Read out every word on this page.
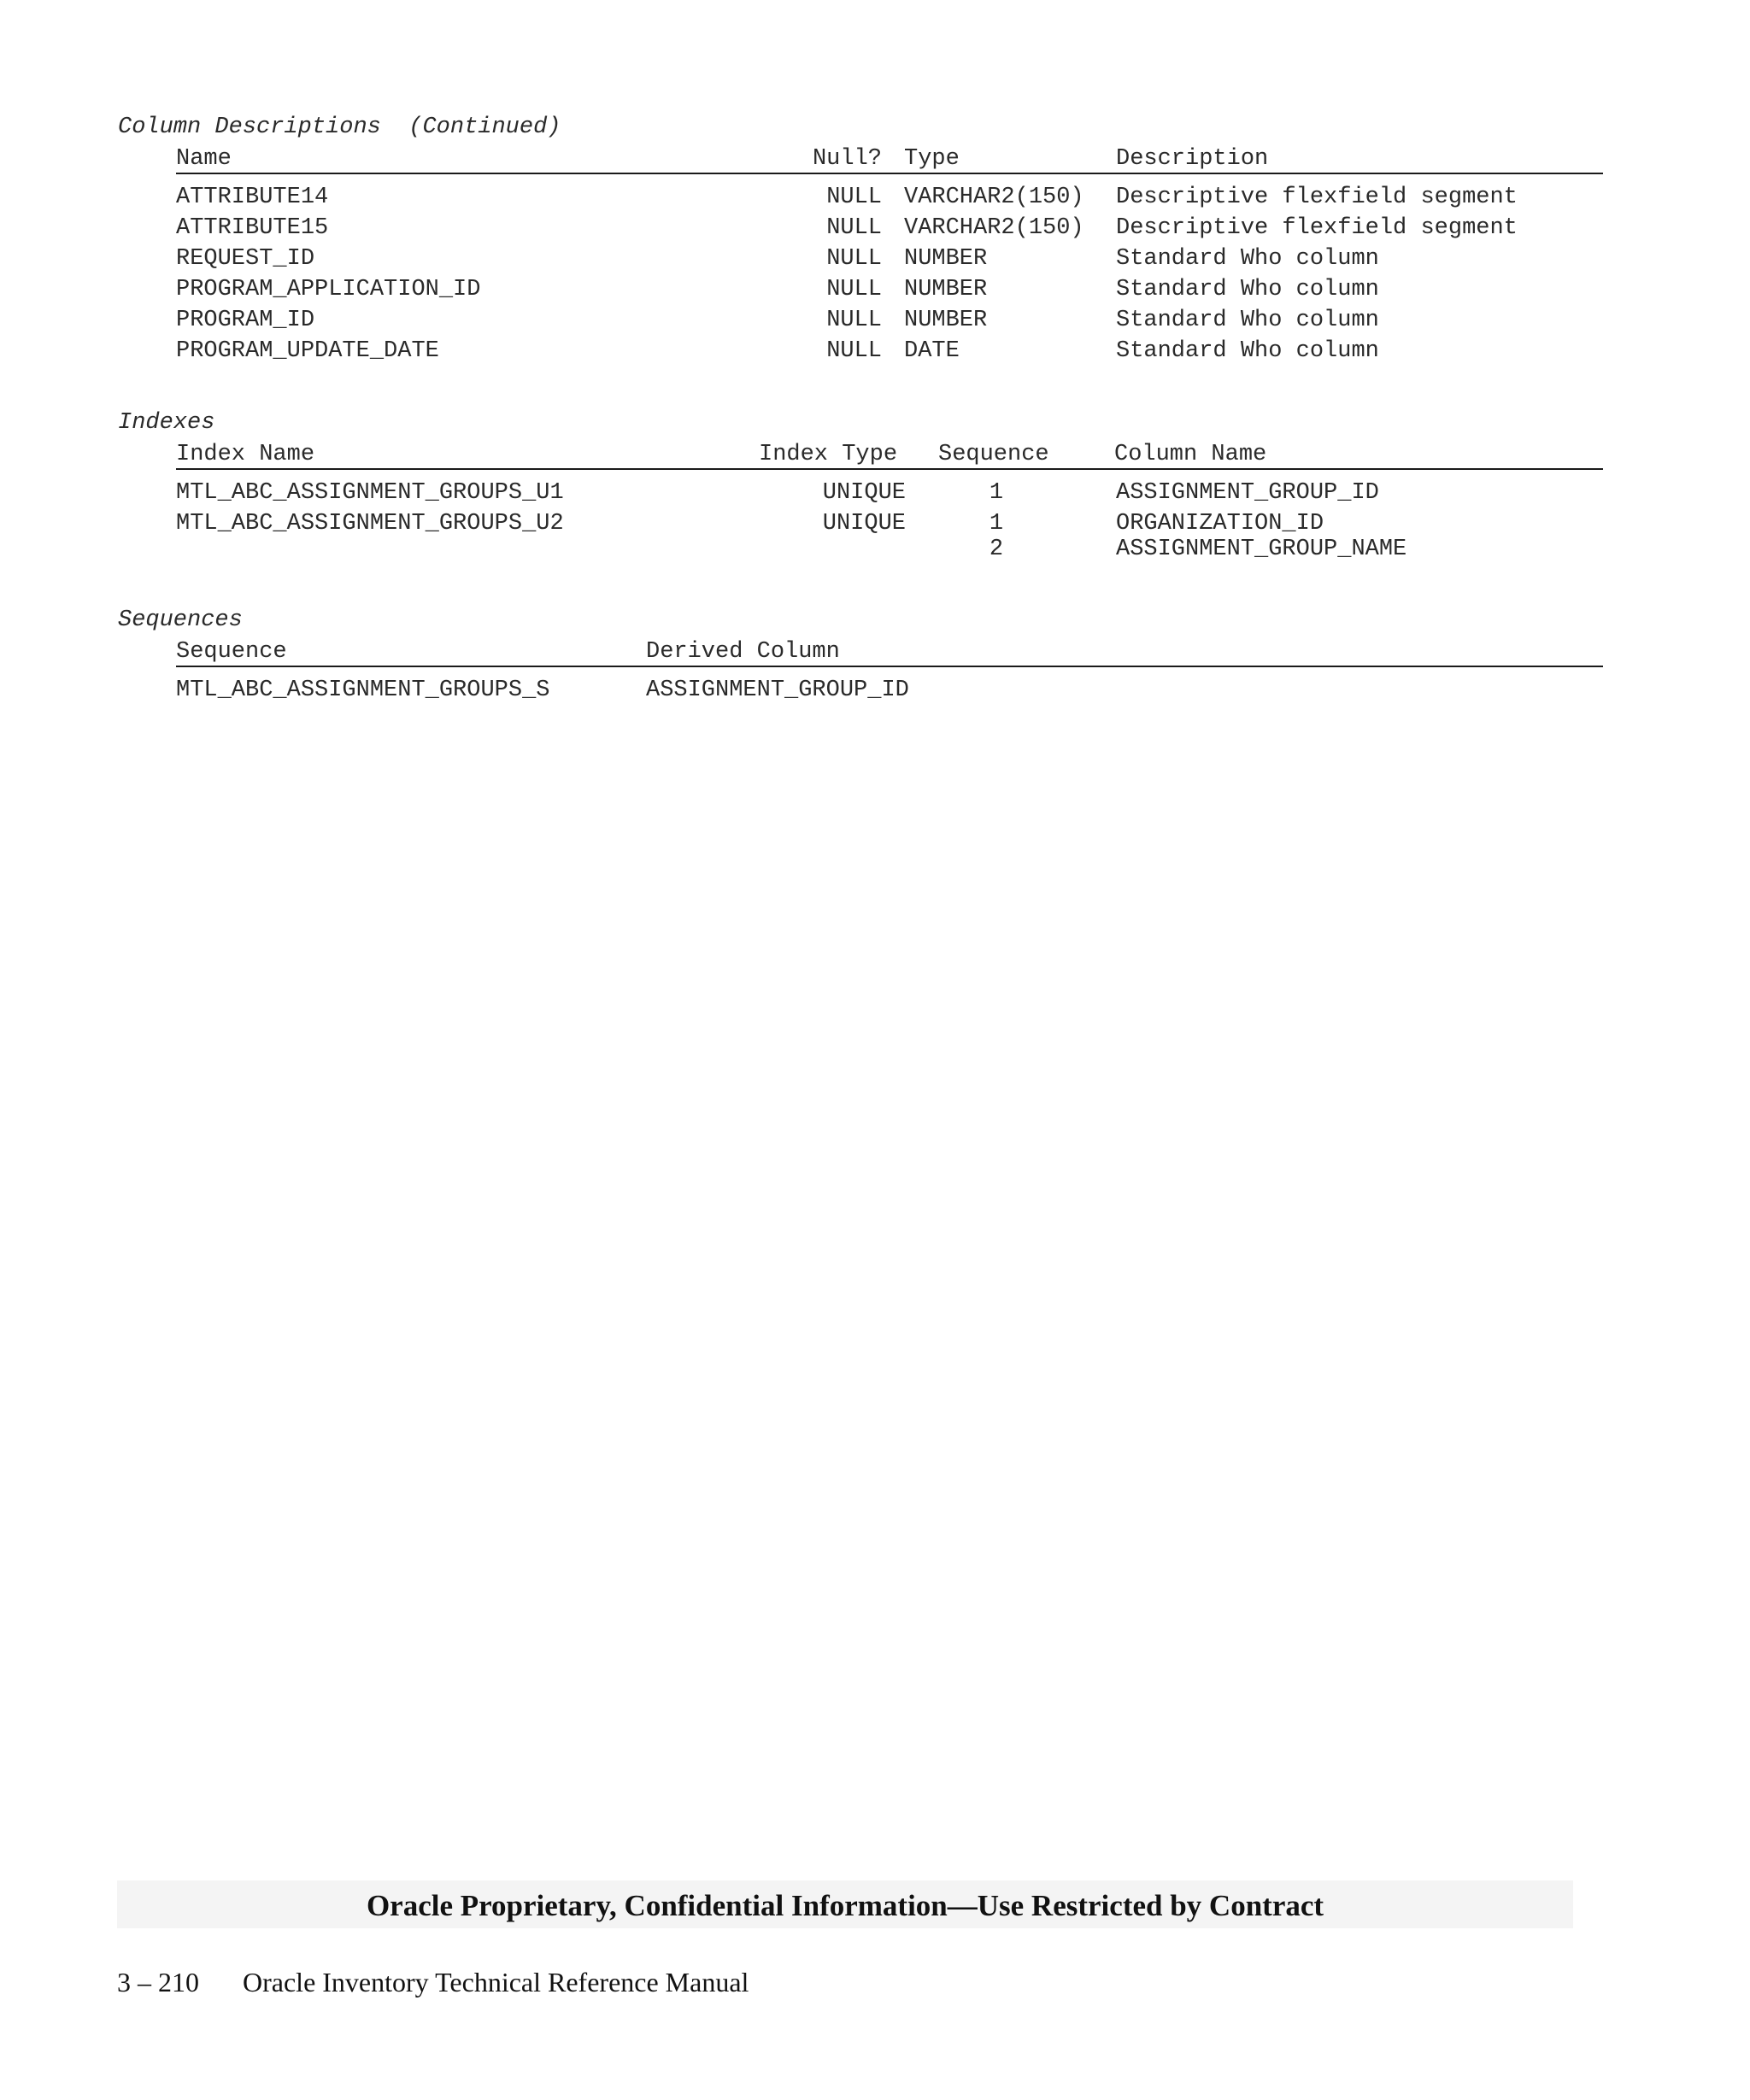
Column Descriptions  (Continued)
Name	Null? Type	Description
ATTRIBUTE14	NULL VARCHAR2(150) Descriptive flexfield segment
ATTRIBUTE15	NULL VARCHAR2(150) Descriptive flexfield segment
REQUEST_ID	NULL NUMBER	Standard Who column
PROGRAM_APPLICATION_ID	NULL NUMBER	Standard Who column
PROGRAM_ID	NULL NUMBER	Standard Who column
PROGRAM_UPDATE_DATE	NULL DATE	Standard Who column
Indexes
Index Name	Index Type Sequence	Column Name
MTL_ABC_ASSIGNMENT_GROUPS_U1	UNIQUE	1	ASSIGNMENT_GROUP_ID
MTL_ABC_ASSIGNMENT_GROUPS_U2	UNIQUE	1	ORGANIZATION_ID
2	ASSIGNMENT_GROUP_NAME
Sequences
Sequence	Derived Column
MTL_ABC_ASSIGNMENT_GROUPS_S	ASSIGNMENT_GROUP_ID
Oracle Proprietary, Confidential Information––Use Restricted by Contract
3 – 210 Oracle Inventory Technical Reference Manual
